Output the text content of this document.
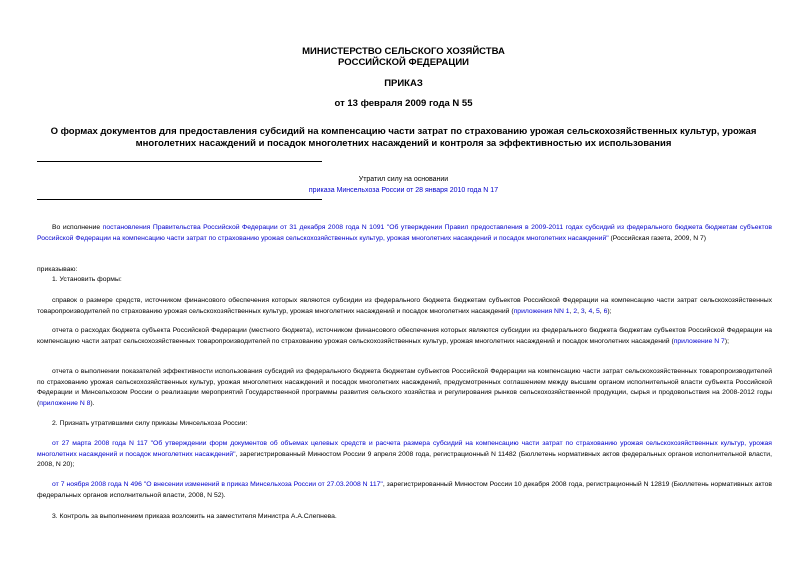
МИНИСТЕРСТВО СЕЛЬСКОГО ХОЗЯЙСТВА
РОССИЙСКОЙ ФЕДЕРАЦИИ
ПРИКАЗ
от 13 февраля 2009 года N 55
О формах документов для предоставления субсидий на компенсацию части затрат по страхованию урожая сельскохозяйственных культур, урожая многолетних насаждений и посадок многолетних насаждений и контроля за эффективностью их использования
Утратил силу на основании
приказа Минсельхоза России от 28 января 2010 года N 17
Во исполнение постановления Правительства Российской Федерации от 31 декабря 2008 года N 1091 "Об утверждении Правил предоставления в 2009-2011 годах субсидий из федерального бюджета бюджетам субъектов Российской Федерации на компенсацию части затрат по страхованию урожая сельскохозяйственных культур, урожая многолетних насаждений и посадок многолетних насаждений" (Российская газета, 2009, N 7)
приказываю:
1. Установить формы:
справок о размере средств, источником финансового обеспечения которых являются субсидии из федерального бюджета бюджетам субъектов Российской Федерации на компенсацию части затрат сельскохозяйственных товаропроизводителей по страхованию урожая сельскохозяйственных культур, урожая многолетних насаждений и посадок многолетних насаждений (приложения NN 1, 2, 3, 4, 5, 6);
отчета о расходах бюджета субъекта Российской Федерации (местного бюджета), источником финансового обеспечения которых являются субсидии из федерального бюджета бюджетам субъектов Российской Федерации на компенсацию части затрат сельскохозяйственных товаропроизводителей по страхованию урожая сельскохозяйственных культур, урожая многолетних насаждений и посадок многолетних насаждений (приложение N 7);
отчета о выполнении показателей эффективности использования субсидий из федерального бюджета бюджетам субъектов Российской Федерации на компенсацию части затрат сельскохозяйственных товаропроизводителей по страхованию урожая сельскохозяйственных культур, урожая многолетних насаждений и посадок многолетних насаждений, предусмотренных соглашением между высшим органом исполнительной власти субъекта Российской Федерации и Минсельхозом России о реализации мероприятий Государственной программы развития сельского хозяйства и регулирования рынков сельскохозяйственной продукции, сырья и продовольствия на 2008-2012 годы (приложение N 8).
2. Признать утратившими силу приказы Минсельхоза России:
от 27 марта 2008 года N 117 "Об утверждении форм документов об объемах целевых средств и расчета размера субсидий на компенсацию части затрат по страхованию урожая сельскохозяйственных культур, урожая многолетних насаждений и посадок многолетних насаждений", зарегистрированный Минюстом России 9 апреля 2008 года, регистрационный N 11482 (Бюллетень нормативных актов федеральных органов исполнительной власти, 2008, N 20);
от 7 ноября 2008 года N 496 "О внесении изменений в приказ Минсельхоза России от 27.03.2008 N 117", зарегистрированный Минюстом России 10 декабря 2008 года, регистрационный N 12819 (Бюллетень нормативных актов федеральных органов исполнительной власти, 2008, N 52).
3. Контроль за выполнением приказа возложить на заместителя Министра А.А.Слепнева.
